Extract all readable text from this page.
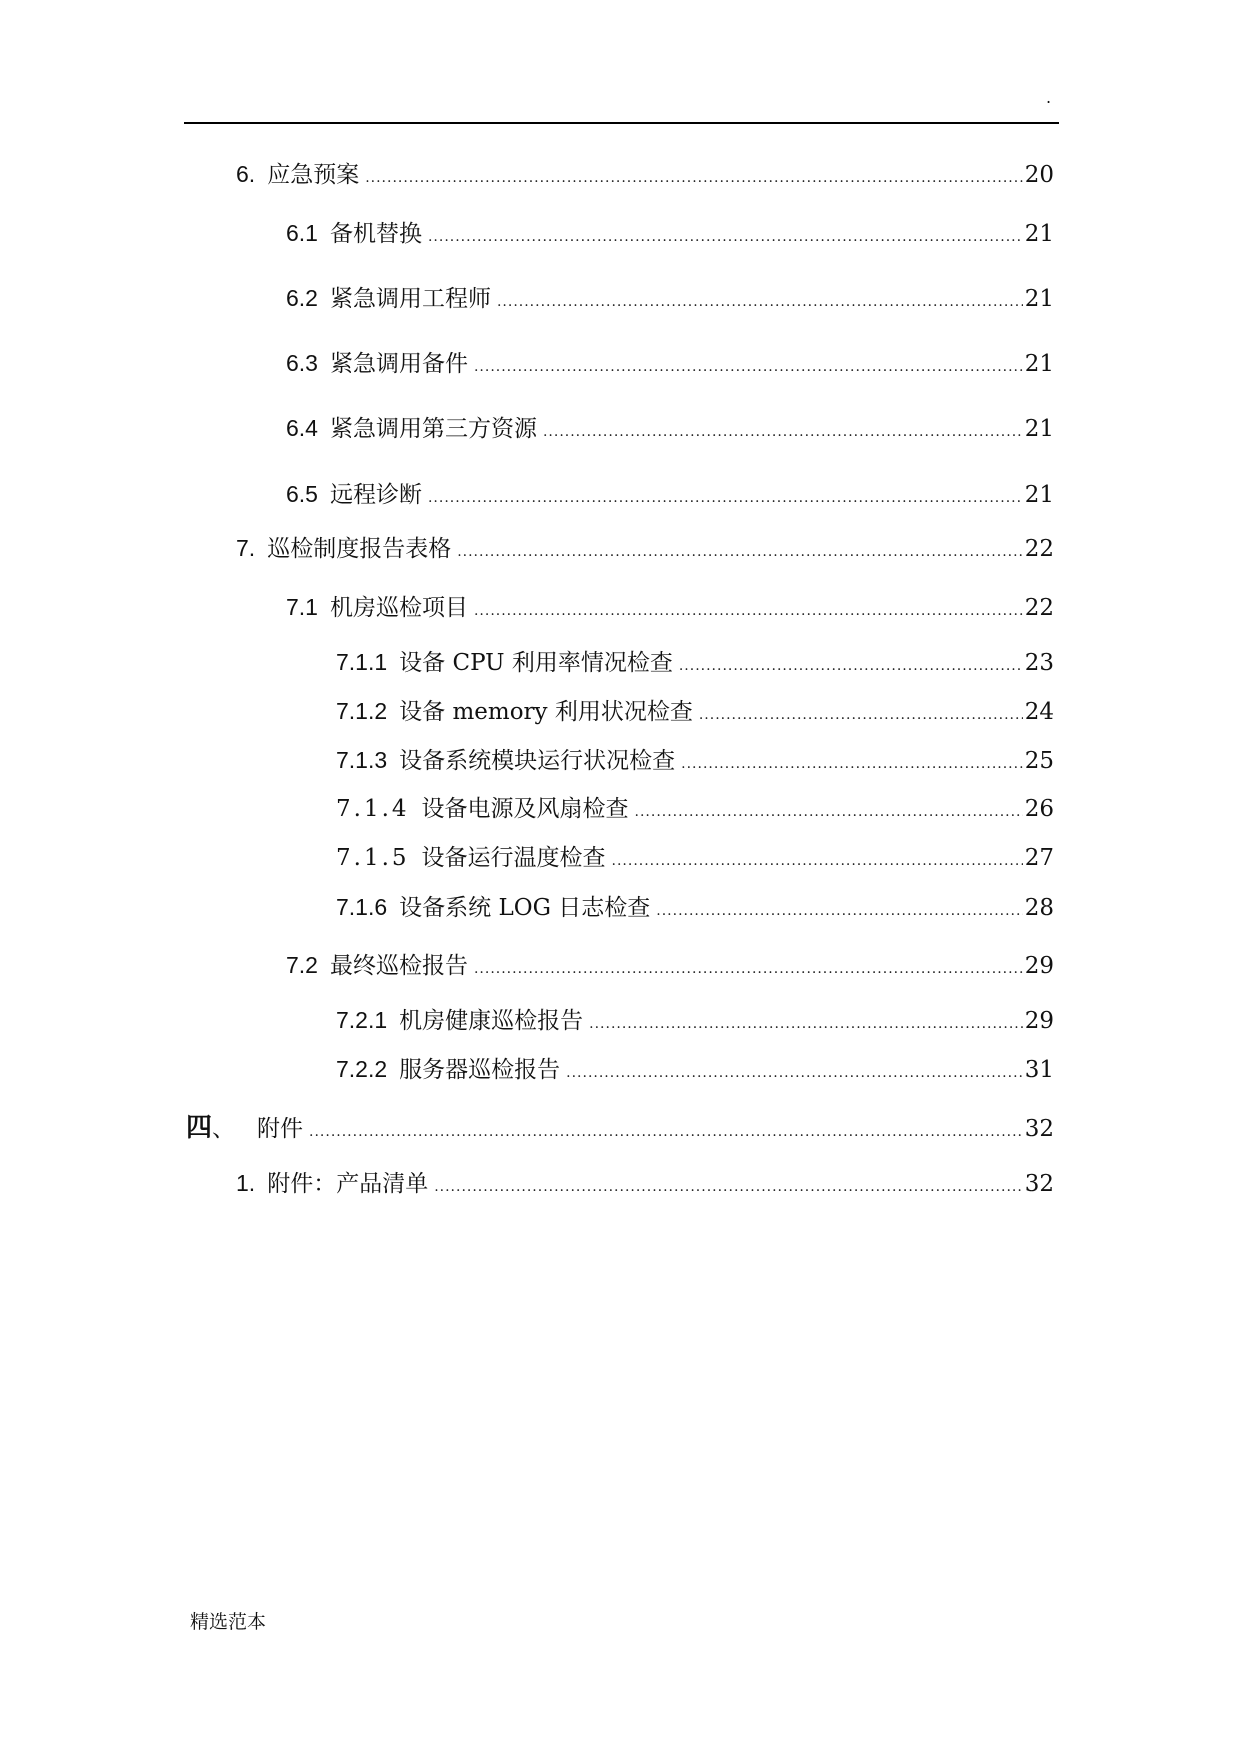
.
6. 应急预案 .....	20
6.1 备机替换 .....	21
6.2 紧急调用工程师 .....	21
6.3 紧急调用备件 .....	21
6.4 紧急调用第三方资源 .....	21
6.5 远程诊断 .....	21
7. 巡检制度报告表格 .....	22
7.1 机房巡检项目 .....	22
7.1.1 设备 CPU 利用率情况检查 .....	23
7.1.2 设备 memory 利用状况检查 .....	24
7.1.3 设备系统模块运行状况检查 .....	25
7.1.4 设备电源及风扇检查 .....	26
7.1.5 设备运行温度检查 .....	27
7.1.6 设备系统 LOG 日志检查 .....	28
7.2 最终巡检报告 .....	29
7.2.1 机房健康巡检报告 .....	29
7.2.2 服务器巡检报告 .....	31
四 、 附件 .....	32
1. 附件：产品清单 .....	32
精选范本
